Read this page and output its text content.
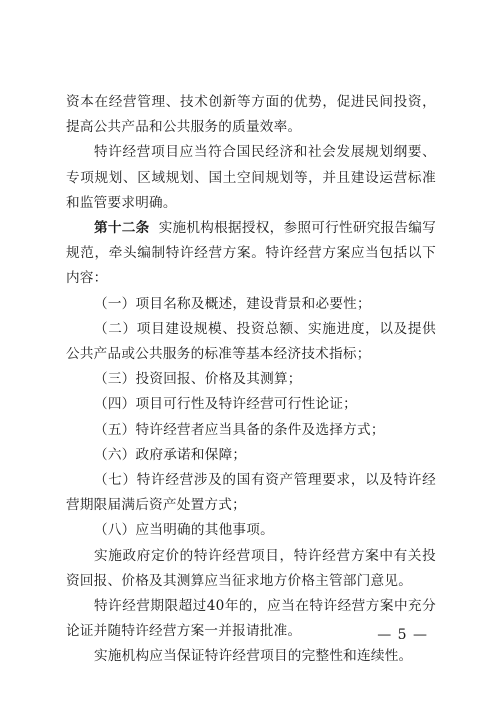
资本在经营管理、技术创新等方面的优势，促进民间投资，提高公共产品和公共服务的质量效率。

特许经营项目应当符合国民经济和社会发展规划纲要、专项规划、区域规划、国土空间规划等，并且建设运营标准和监管要求明确。

第十二条 实施机构根据授权，参照可行性研究报告编写规范，牵头编制特许经营方案。特许经营方案应当包括以下内容：

（一）项目名称及概述，建设背景和必要性；

（二）项目建设规模、投资总额、实施进度，以及提供公共产品或公共服务的标准等基本经济技术指标；

（三）投资回报、价格及其测算；

（四）项目可行性及特许经营可行性论证；

（五）特许经营者应当具备的条件及选择方式；

（六）政府承诺和保障；

（七）特许经营涉及的国有资产管理要求，以及特许经营期限届满后资产处置方式；

（八）应当明确的其他事项。

实施政府定价的特许经营项目，特许经营方案中有关投资回报、价格及其测算应当征求地方价格主管部门意见。

特许经营期限超过40年的，应当在特许经营方案中充分论证并随特许经营方案一并报请批准。

实施机构应当保证特许经营项目的完整性和连续性。

— 5 —
